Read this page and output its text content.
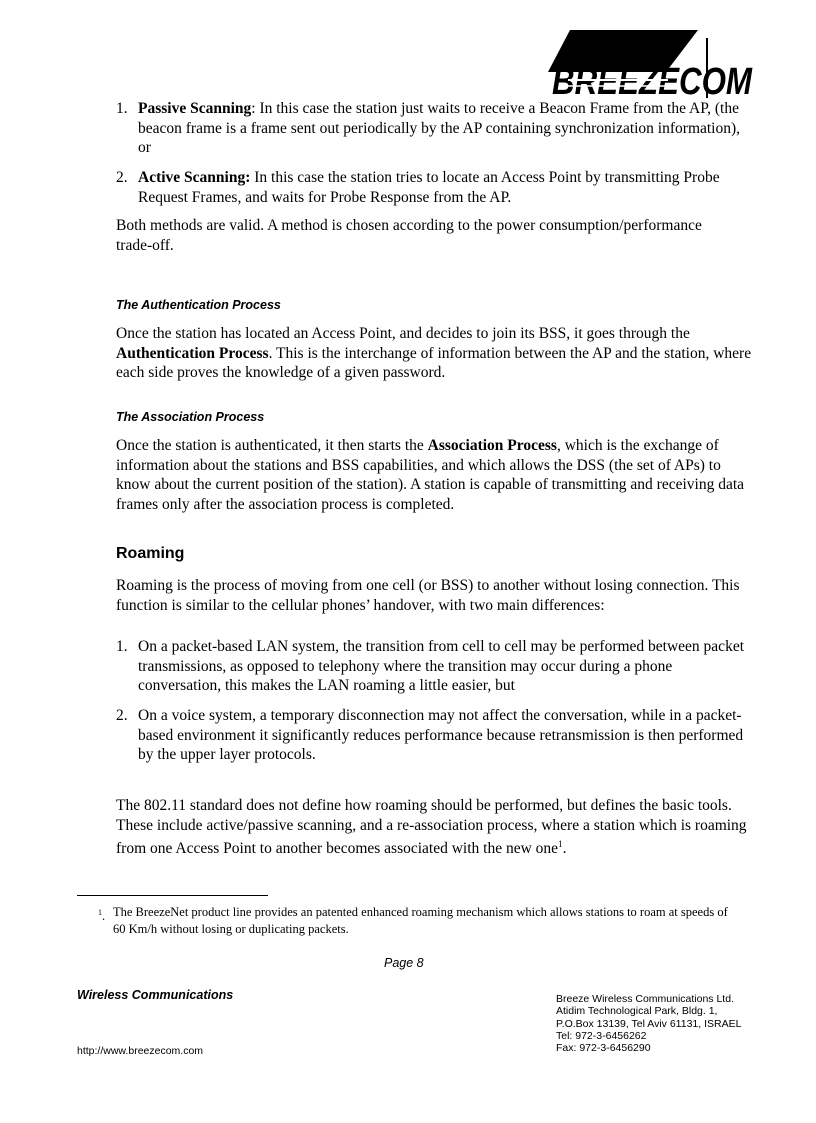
BREEZECOM
1. Passive Scanning: In this case the station just waits to receive a Beacon Frame from the AP, (the beacon frame is a frame sent out periodically by the AP containing synchronization information), or
2. Active Scanning: In this case the station tries to locate an Access Point by transmitting Probe Request Frames, and waits for Probe Response from the AP.
Both methods are valid. A method is chosen according to the power consumption/performance trade-off.
The Authentication Process
Once the station has located an Access Point, and decides to join its BSS, it goes through the Authentication Process. This is the interchange of information between the AP and the station, where each side proves the knowledge of a given password.
The Association Process
Once the station is authenticated, it then starts the Association Process, which is the exchange of information about the stations and BSS capabilities, and which allows the DSS (the set of APs) to know about the current position of the station). A station is capable of transmitting and receiving data frames only after the association process is completed.
Roaming
Roaming is the process of moving from one cell (or BSS) to another without losing connection. This function is similar to the cellular phones’ handover, with two main differences:
1. On a packet-based LAN system, the transition from cell to cell may be performed between packet transmissions, as opposed to telephony where the transition may occur during a phone conversation, this makes the LAN roaming a little easier, but
2. On a voice system, a temporary disconnection may not affect the conversation, while in a packet-based environment it significantly reduces performance because retransmission is then performed by the upper layer protocols.
The 802.11 standard does not define how roaming should be performed, but defines the basic tools. These include active/passive scanning, and a re-association process, where a station which is roaming from one Access Point to another becomes associated with the new one$^1$.
$^1$. The BreezeNet product line provides an patented enhanced roaming mechanism which allows stations to roam at speeds of 60 Km/h without losing or duplicating packets.
Page 8
Wireless Communications
http://www.breezecom.com
Breeze Wireless Communications Ltd.
Atidim Technological Park, Bldg. 1,
P.O.Box 13139, Tel Aviv 61131, ISRAEL
Tel: 972-3-6456262
Fax: 972-3-6456290
